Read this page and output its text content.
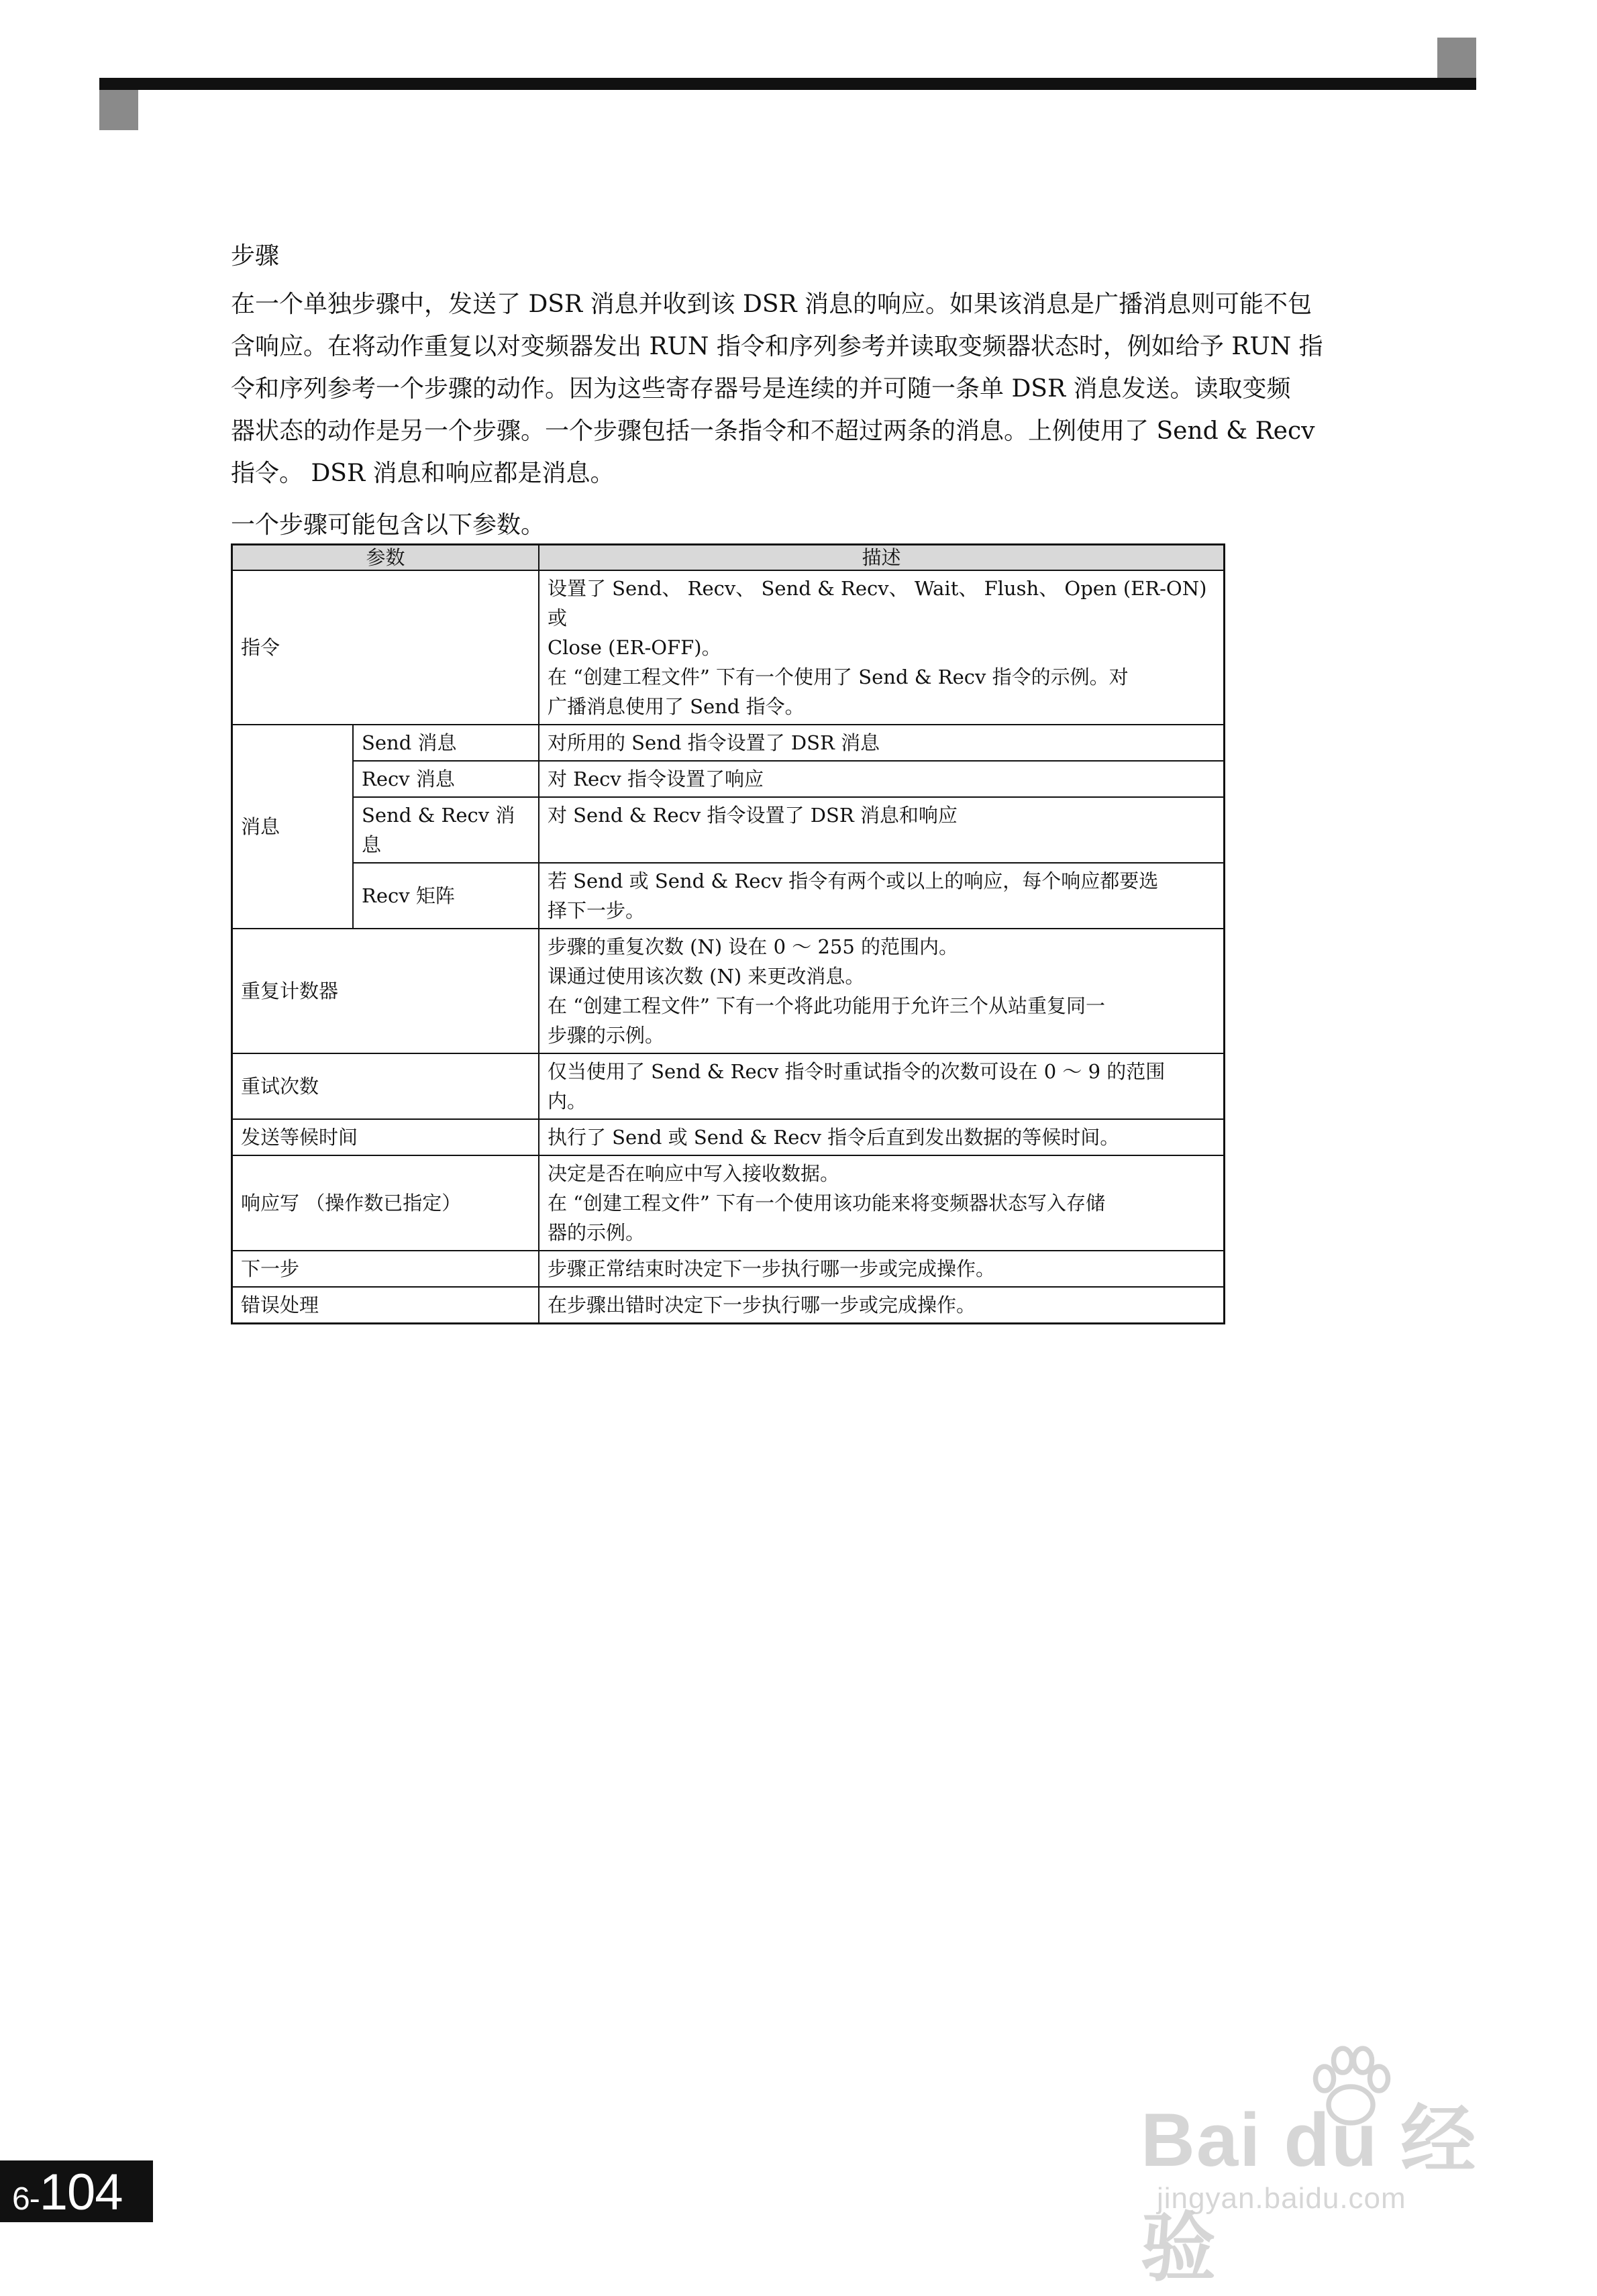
步骤

在一个单独步骤中，发送了 DSR 消息并收到该 DSR 消息的响应。如果该消息是广播消息则可能不包
含响应。在将动作重复以对变频器发出 RUN 指令和序列参考并读取变频器状态时，例如给予 RUN 指
令和序列参考一个步骤的动作。因为这些寄存器号是连续的并可随一条单 DSR 消息发送。读取变频
器状态的动作是另一个步骤。一个步骤包括一条指令和不超过两条的消息。上例使用了 Send & Recv
指令。 DSR 消息和响应都是消息。

一个步骤可能包含以下参数。

参数		描述
指令		设置了 Send、 Recv、 Send & Recv、 Wait、 Flush、 Open (ER-ON) 或
Close (ER-OFF)。
在 “创建工程文件” 下有一个使用了 Send & Recv 指令的示例。对
广播消息使用了 Send 指令。

消息	Send 消息	对所用的 Send 指令设置了 DSR 消息

	Recv 消息	对 Recv 指令设置了响应

	Send & Recv 消息	对 Send & Recv 指令设置了 DSR 消息和响应

	Recv 矩阵	若 Send 或 Send & Recv 指令有两个或以上的响应，每个响应都要选
择下一步。

重复计数器		步骤的重复次数 (N) 设在 0 ～ 255 的范围内。
课通过使用该次数 (N) 来更改消息。
在 “创建工程文件” 下有一个将此功能用于允许三个从站重复同一
步骤的示例。

重试次数		仅当使用了 Send & Recv 指令时重试指令的次数可设在 0 ～ 9 的范围
内。

发送等候时间		执行了 Send 或 Send & Recv 指令后直到发出数据的等候时间。

响应写 （操作数已指定）		决定是否在响应中写入接收数据。
在 “创建工程文件” 下有一个使用该功能来将变频器状态写入存储
器的示例。

下一步		步骤正常结束时决定下一步执行哪一步或完成操作。

错误处理		在步骤出错时决定下一步执行哪一步或完成操作。
6-104
Bai du 经验
jingyan.baidu.com
